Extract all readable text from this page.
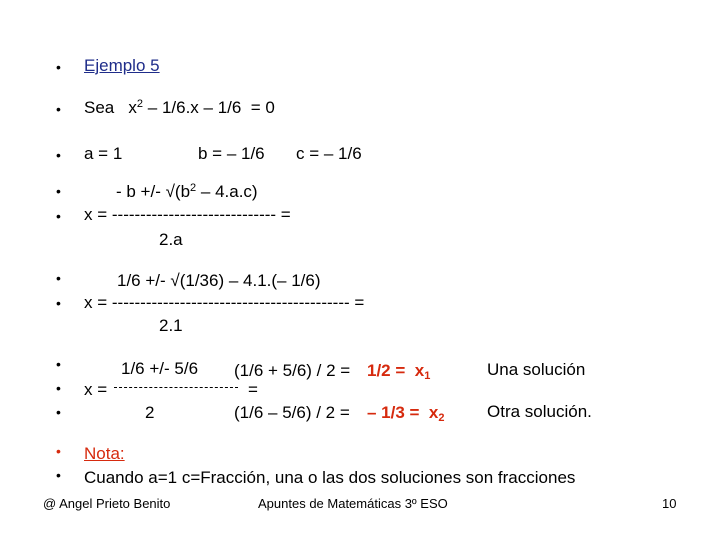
•
•
•
•
•
•
•
•
•
•
•
•
Ejemplo 5
Sea   $x^2 - 1/6.x - 1/6 = 0$
a = 1	b = – 1/6 c = – 1/6
- b +/- $√(b^2 - 4.a.c)$
x = ----------------------------- =
2.a
1/6 +/- √(1/36) – 4.1.(– 1/6)
x = ------------------------------------------ =
2.1
1/6 +/- 5/6
x =	=
2
$(1/6 + 5/6) / 2 = 1/2 = x_1$	Una solución
(1/6 – 5/6) / 2 = – $1/3 = x_2$	Otra solución.
Nota:
Cuando a=1 c=Fracción, una o las dos soluciones son fracciones
@ Angel Prieto Benito	Apuntes de Matemáticas 3º ESO	10
